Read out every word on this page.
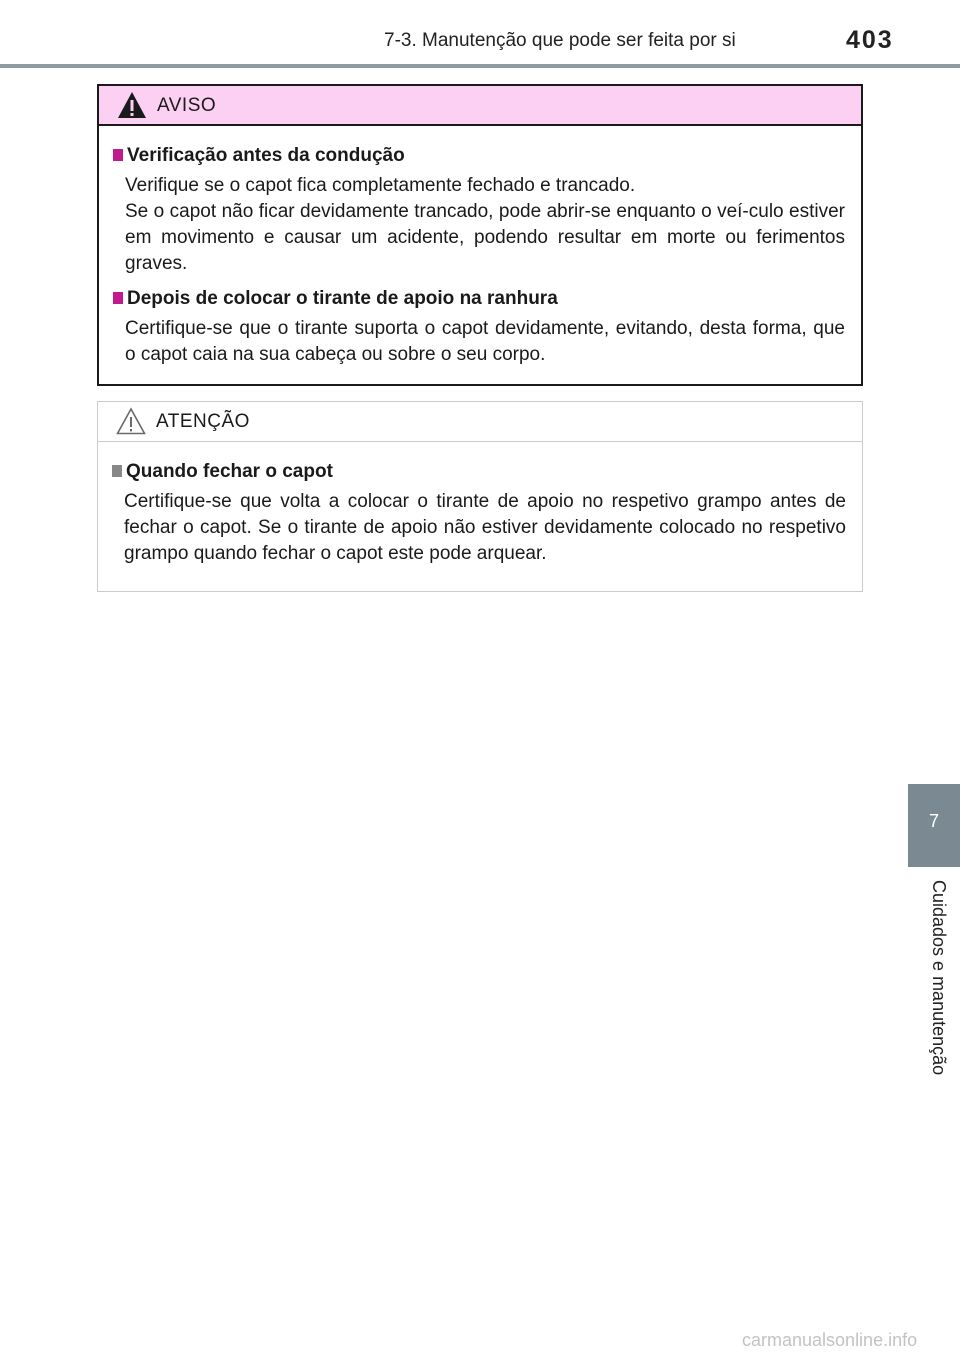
7-3. Manutenção que pode ser feita por si	403
AVISO
Verificação antes da condução

Verifique se o capot fica completamente fechado e trancado.

Se o capot não ficar devidamente trancado, pode abrir-se enquanto o veí-culo estiver em movimento e causar um acidente, podendo resultar em morte ou ferimentos graves.

Depois de colocar o tirante de apoio na ranhura

Certifique-se que o tirante suporta o capot devidamente, evitando, desta forma, que o capot caia na sua cabeça ou sobre o seu corpo.

ATENÇÃO
Quando fechar o capot

Certifique-se que volta a colocar o tirante de apoio no respetivo grampo antes de fechar o capot. Se o tirante de apoio não estiver devidamente colocado no respetivo grampo quando fechar o capot este pode arquear.

7
Cuidados e manutenção
carmanualsonline.info
